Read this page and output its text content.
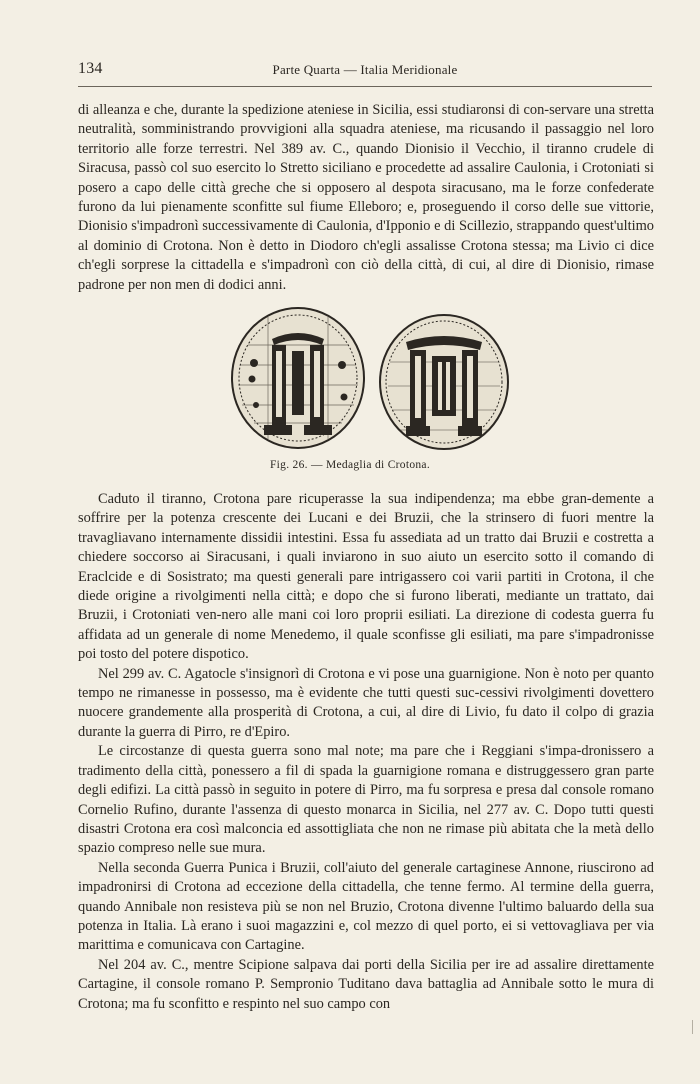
134	Parte Quarta — Italia Meridionale

di alleanza e che, durante la spedizione ateniese in Sicilia, essi studiaronsi di con-servare una stretta neutralità, somministrando provvigioni alla squadra ateniese, ma ricusando il passaggio nel loro territorio alle forze terrestri. Nel 389 av. C., quando Dionisio il Vecchio, il tiranno crudele di Siracusa, passò col suo esercito lo Stretto siciliano e procedette ad assalire Caulonia, i Crotoniati si posero a capo delle città greche che si opposero al despota siracusano, ma le forze confederate furono da lui pienamente sconfitte sul fiume Elleboro; e, proseguendo il corso delle sue vittorie, Dionisio s'impadronì successivamente di Caulonia, d'Ipponio e di Scillezio, strappando quest'ultimo al dominio di Crotona. Non è detto in Diodoro ch'egli assalisse Crotona stessa; ma Livio ci dice ch'egli sorprese la cittadella e s'impadronì con ciò della città, di cui, al dire di Dionisio, rimase padrone per non men di dodici anni.

Fig. 26. — Medaglia di Crotona.

Caduto il tiranno, Crotona pare ricuperasse la sua indipendenza; ma ebbe gran-demente a soffrire per la potenza crescente dei Lucani e dei Bruzii, che la strinsero di fuori mentre la travagliavano internamente dissidii intestini. Essa fu assediata ad un tratto dai Bruzii e costretta a chiedere soccorso ai Siracusani, i quali inviarono in suo aiuto un esercito sotto il comando di Eraclcide e di Sosistrato; ma questi generali pare intrigassero coi varii partiti in Crotona, il che diede origine a rivolgimenti nella città; e dopo che si furono liberati, mediante un trattato, dai Bruzii, i Crotoniati ven-nero alle mani coi loro proprii esiliati. La direzione di codesta guerra fu affidata ad un generale di nome Menedemo, il quale sconfisse gli esiliati, ma pare s'impadronisse poi tosto del potere dispotico.

Nel 299 av. C. Agatocle s'insignorì di Crotona e vi pose una guarnigione. Non è noto per quanto tempo ne rimanesse in possesso, ma è evidente che tutti questi suc-cessivi rivolgimenti dovettero nuocere grandemente alla prosperità di Crotona, a cui, al dire di Livio, fu dato il colpo di grazia durante la guerra di Pirro, re d'Epiro.

Le circostanze di questa guerra sono mal note; ma pare che i Reggiani s'impa-dronissero a tradimento della città, ponessero a fil di spada la guarnigione romana e distruggessero gran parte degli edifizi. La città passò in seguito in potere di Pirro, ma fu sorpresa e presa dal console romano Cornelio Rufino, durante l'assenza di questo monarca in Sicilia, nel 277 av. C. Dopo tutti questi disastri Crotona era così malconcia ed assottigliata che non ne rimase più abitata che la metà dello spazio compreso nelle sue mura.

Nella seconda Guerra Punica i Bruzii, coll'aiuto del generale cartaginese Annone, riuscirono ad impadronirsi di Crotona ad eccezione della cittadella, che tenne fermo. Al termine della guerra, quando Annibale non resisteva più se non nel Bruzio, Crotona divenne l'ultimo baluardo della sua potenza in Italia. Là erano i suoi magazzini e, col mezzo di quel porto, ei si vettovagliava per via marittima e comunicava con Cartagine.

Nel 204 av. C., mentre Scipione salpava dai porti della Sicilia per ire ad assalire direttamente Cartagine, il console romano P. Sempronio Tuditano dava battaglia ad Annibale sotto le mura di Crotona; ma fu sconfitto e respinto nel suo campo con
